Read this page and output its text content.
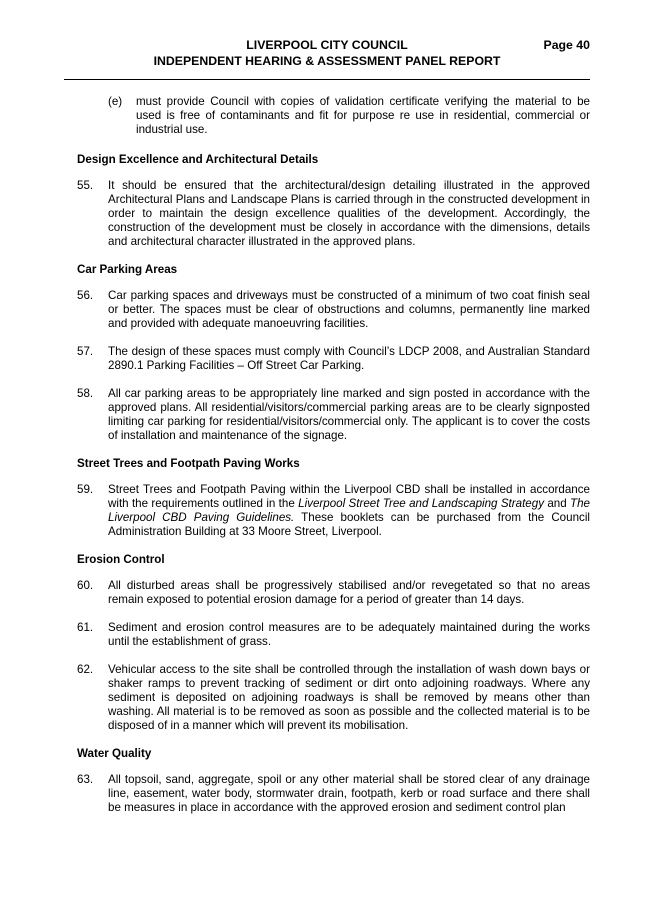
LIVERPOOL CITY COUNCIL	Page 40
INDEPENDENT HEARING & ASSESSMENT PANEL REPORT

(e) must provide Council with copies of validation certificate verifying the material to be used is free of contaminants and fit for purpose re use in residential, commercial or industrial use.

Design Excellence and Architectural Details

55. It should be ensured that the architectural/design detailing illustrated in the approved Architectural Plans and Landscape Plans is carried through in the constructed development in order to maintain the design excellence qualities of the development. Accordingly, the construction of the development must be closely in accordance with the dimensions, details and architectural character illustrated in the approved plans.

Car Parking Areas

56. Car parking spaces and driveways must be constructed of a minimum of two coat finish seal or better. The spaces must be clear of obstructions and columns, permanently line marked and provided with adequate manoeuvring facilities.

57. The design of these spaces must comply with Council’s LDCP 2008, and Australian Standard 2890.1 Parking Facilities – Off Street Car Parking.

58. All car parking areas to be appropriately line marked and sign posted in accordance with the approved plans. All residential/visitors/commercial parking areas are to be clearly signposted limiting car parking for residential/visitors/commercial only. The applicant is to cover the costs of installation and maintenance of the signage.

Street Trees and Footpath Paving Works

59. Street Trees and Footpath Paving within the Liverpool CBD shall be installed in accordance with the requirements outlined in the Liverpool Street Tree and Landscaping Strategy and The Liverpool CBD Paving Guidelines. These booklets can be purchased from the Council Administration Building at 33 Moore Street, Liverpool.

Erosion Control

60. All disturbed areas shall be progressively stabilised and/or revegetated so that no areas remain exposed to potential erosion damage for a period of greater than 14 days.

61. Sediment and erosion control measures are to be adequately maintained during the works until the establishment of grass.

62. Vehicular access to the site shall be controlled through the installation of wash down bays or shaker ramps to prevent tracking of sediment or dirt onto adjoining roadways. Where any sediment is deposited on adjoining roadways is shall be removed by means other than washing. All material is to be removed as soon as possible and the collected material is to be disposed of in a manner which will prevent its mobilisation.

Water Quality

63. All topsoil, sand, aggregate, spoil or any other material shall be stored clear of any drainage line, easement, water body, stormwater drain, footpath, kerb or road surface and there shall be measures in place in accordance with the approved erosion and sediment control plan
